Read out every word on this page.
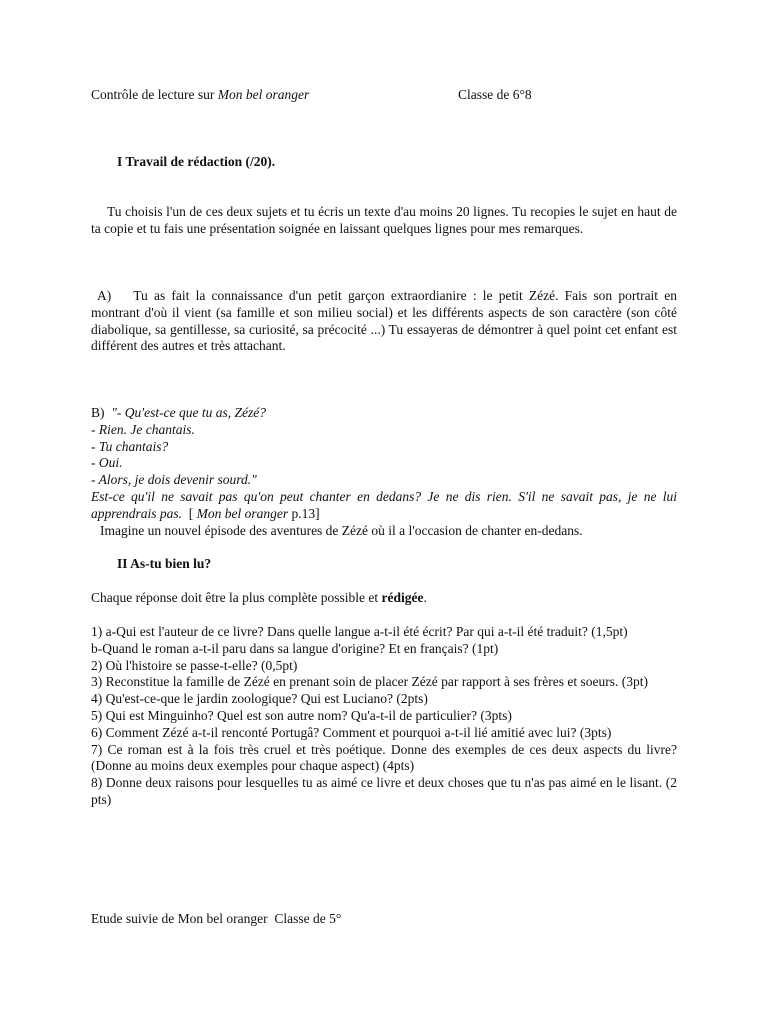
Contrôle de lecture sur Mon bel oranger	Classe de 6°8
I Travail de rédaction (/20).

Tu choisis l'un de ces deux sujets et tu écris un texte d'au moins 20 lignes. Tu recopies le sujet en haut de ta copie et tu fais une présentation soignée en laissant quelques lignes pour mes remarques.

A) Tu as fait la connaissance d'un petit garçon extraordianire : le petit Zézé. Fais son portrait en montrant d'où il vient (sa famille et son milieu social) et les différents aspects de son caractère (son côté diabolique, sa gentillesse, sa curiosité, sa précocité ...) Tu essayeras de démontrer à quel point cet enfant est différent des autres et très attachant.

B) "- Qu'est-ce que tu as, Zézé?
- Rien. Je chantais.
- Tu chantais?
- Oui.
- Alors, je dois devenir sourd."
Est-ce qu'il ne savait pas qu'on peut chanter en dedans? Je ne dis rien. S'il ne savait pas, je ne lui apprendrais pas. [ Mon bel oranger p.13]
Imagine un nouvel épisode des aventures de Zézé où il a l'occasion de chanter en-dedans.
II As-tu bien lu?

Chaque réponse doit être la plus complète possible et rédigée.

1) a-Qui est l'auteur de ce livre? Dans quelle langue a-t-il été écrit? Par qui a-t-il été traduit? (1,5pt)
b-Quand le roman a-t-il paru dans sa langue d'origine? Et en français? (1pt)
2) Où l'histoire se passe-t-elle? (0,5pt)
3) Reconstitue la famille de Zézé en prenant soin de placer Zézé par rapport à ses frères et soeurs. (3pt)
4) Qu'est-ce-que le jardin zoologique? Qui est Luciano? (2pts)
5) Qui est Minguinho? Quel est son autre nom? Qu'a-t-il de particulier? (3pts)
6) Comment Zézé a-t-il renconté Portugâ? Comment et pourquoi a-t-il lié amitié avec lui? (3pts)
7) Ce roman est à la fois très cruel et très poétique. Donne des exemples de ces deux aspects du livre? (Donne au moins deux exemples pour chaque aspect) (4pts)
8) Donne deux raisons pour lesquelles tu as aimé ce livre et deux choses que tu n'as pas aimé en le lisant. (2 pts)
Etude suivie de Mon bel oranger  Classe de 5°
